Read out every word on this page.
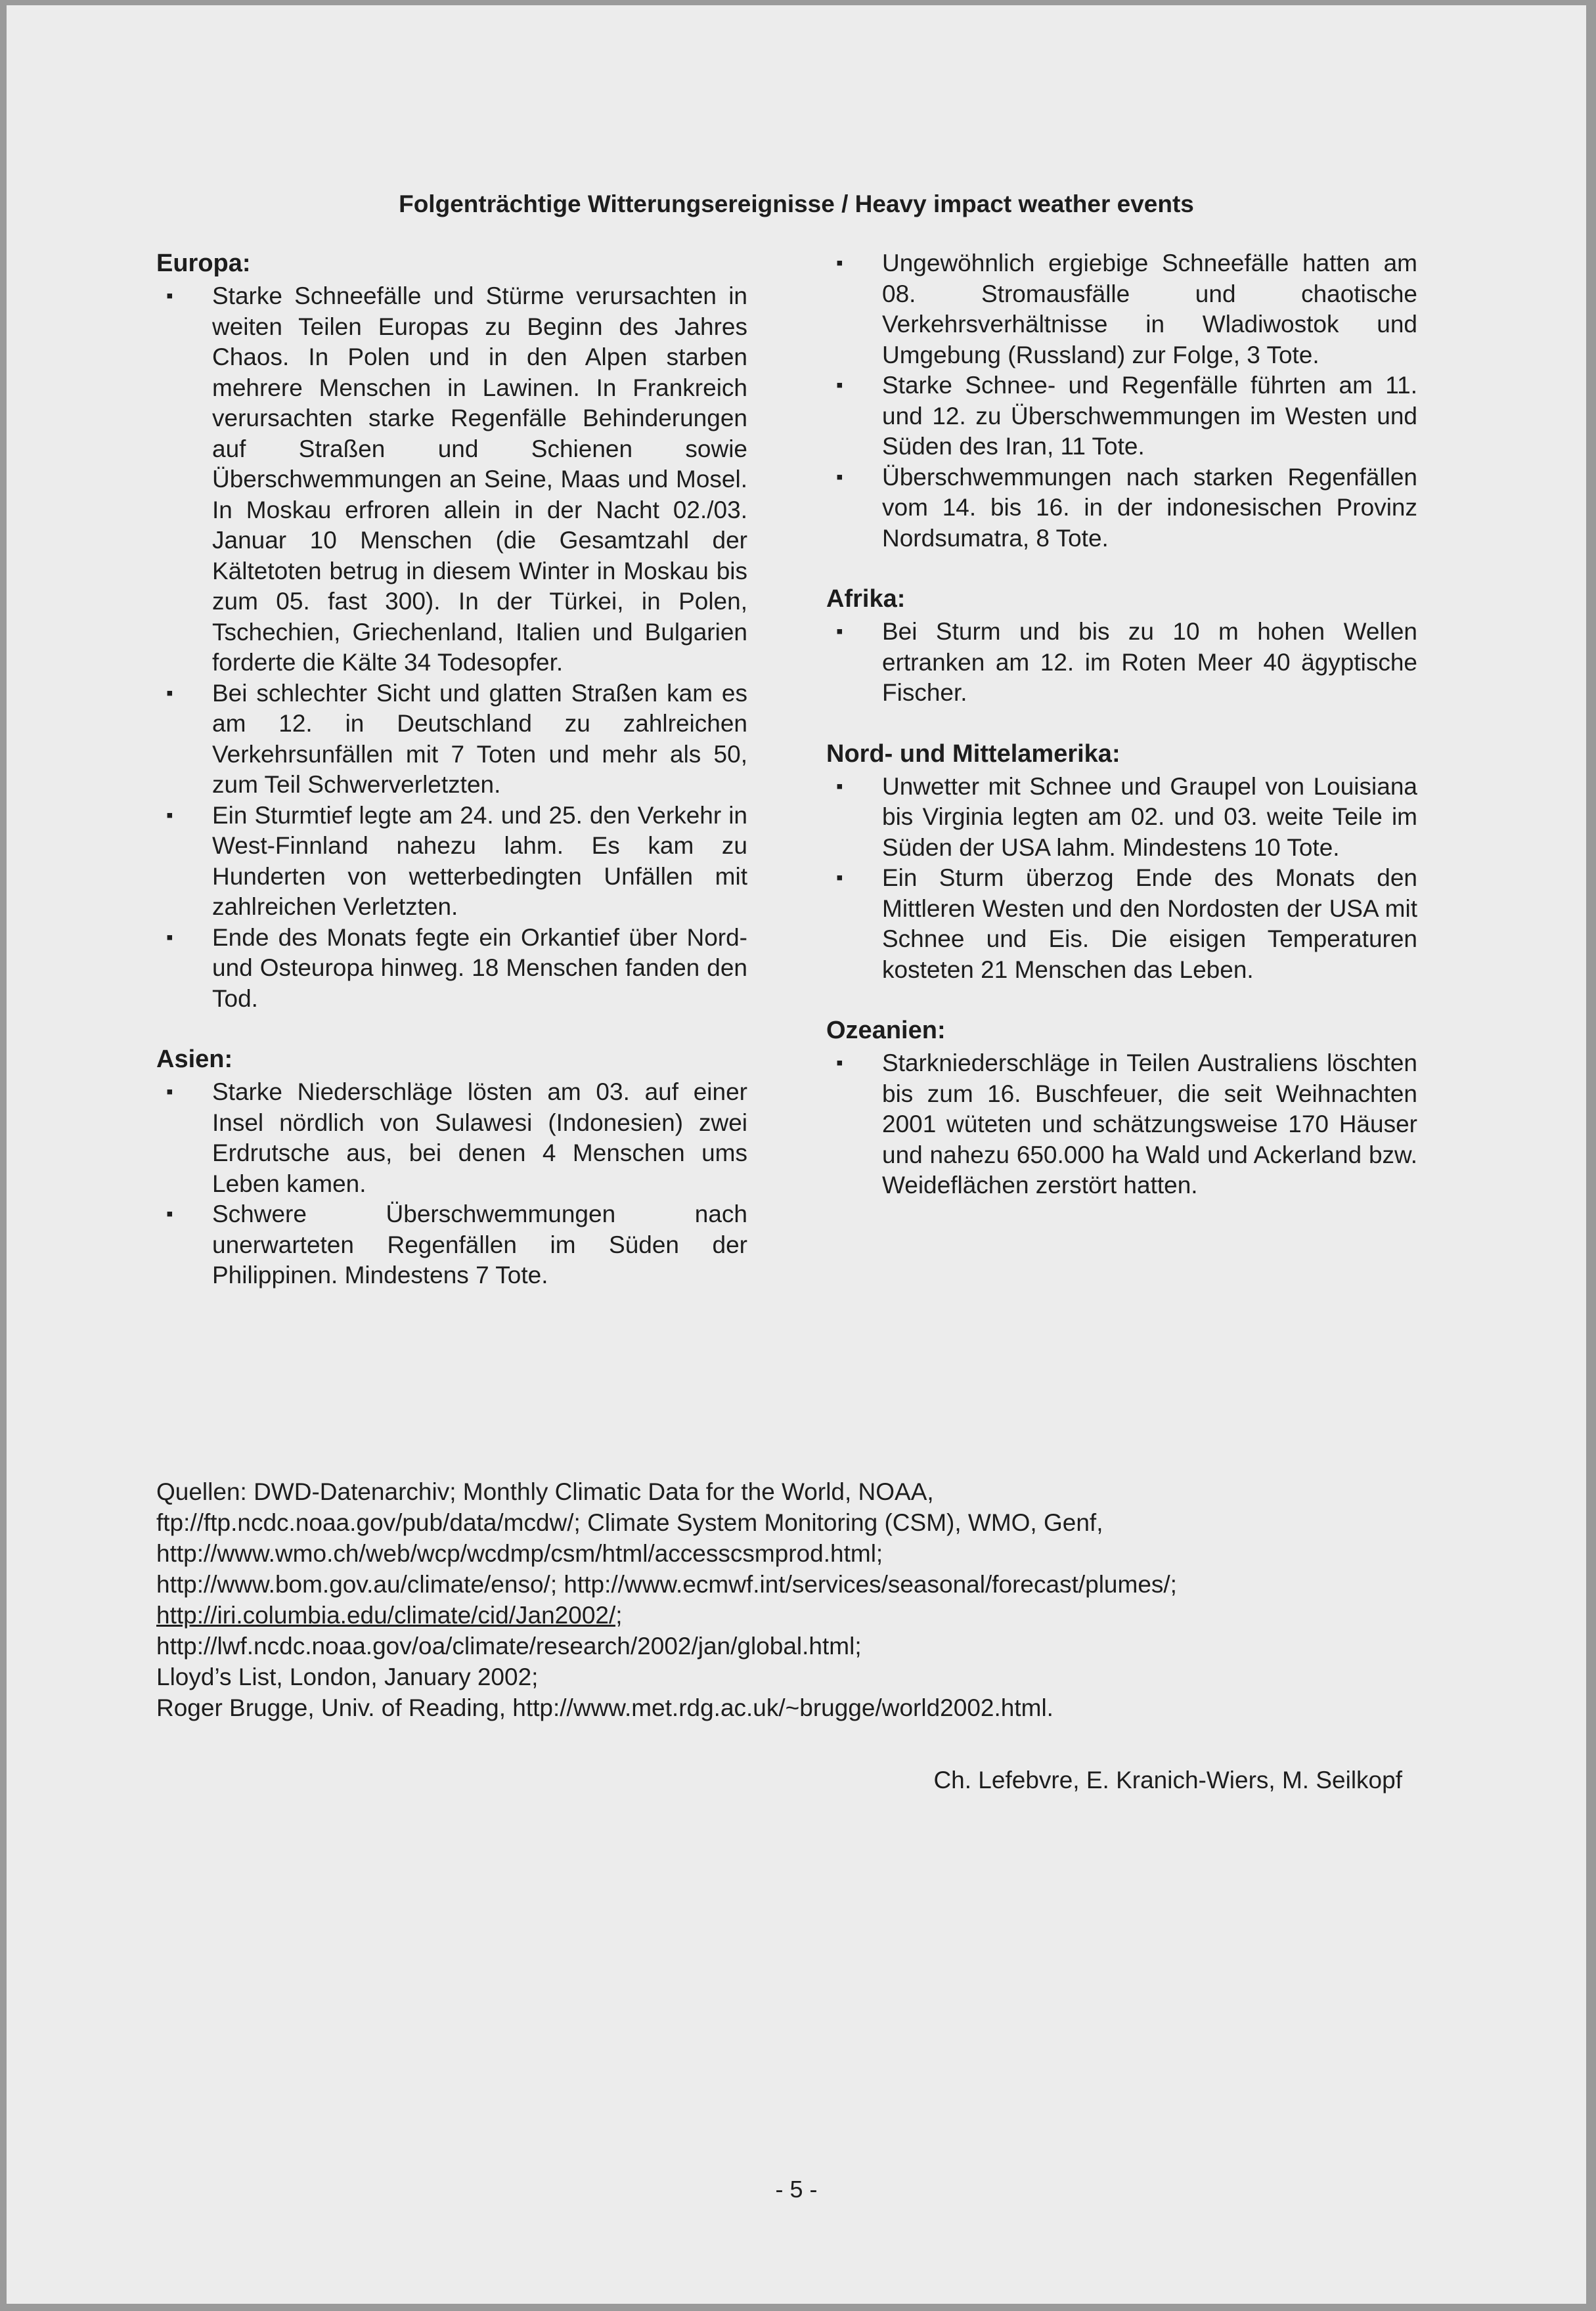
Folgenträchtige Witterungsereignisse / Heavy impact weather events
Europa:
▪ Starke Schneefälle und Stürme verursachten in weiten Teilen Europas zu Beginn des Jahres Chaos. In Polen und in den Alpen starben mehrere Menschen in Lawinen. In Frankreich verursachten starke Regenfälle Behinderungen auf Straßen und Schienen sowie Überschwemmungen an Seine, Maas und Mosel. In Moskau erfroren allein in der Nacht 02./03. Januar 10 Menschen (die Gesamtzahl der Kältetoten betrug in diesem Winter in Moskau bis zum 05. fast 300). In der Türkei, in Polen, Tschechien, Griechenland, Italien und Bulgarien forderte die Kälte 34 Todesopfer.
▪ Bei schlechter Sicht und glatten Straßen kam es am 12. in Deutschland zu zahlreichen Verkehrsunfällen mit 7 Toten und mehr als 50, zum Teil Schwerverletzten.
▪ Ein Sturmtief legte am 24. und 25. den Verkehr in West-Finnland nahezu lahm. Es kam zu Hunderten von wetterbedingten Unfällen mit zahlreichen Verletzten.
▪ Ende des Monats fegte ein Orkantief über Nord- und Osteuropa hinweg. 18 Menschen fanden den Tod.
Asien:
▪ Starke Niederschläge lösten am 03. auf einer Insel nördlich von Sulawesi (Indonesien) zwei Erdrutsche aus, bei denen 4 Menschen ums Leben kamen.
▪ Schwere Überschwemmungen nach unerwarteten Regenfällen im Süden der Philippinen. Mindestens 7 Tote.
▪ Ungewöhnlich ergiebige Schneefälle hatten am 08. Stromausfälle und chaotische Verkehrsverhältnisse in Wladiwostok und Umgebung (Russland) zur Folge, 3 Tote.
▪ Starke Schnee- und Regenfälle führten am 11. und 12. zu Überschwemmungen im Westen und Süden des Iran, 11 Tote.
▪ Überschwemmungen nach starken Regenfällen vom 14. bis 16. in der indonesischen Provinz Nordsumatra, 8 Tote.
Afrika:
▪ Bei Sturm und bis zu 10 m hohen Wellen ertranken am 12. im Roten Meer 40 ägyptische Fischer.
Nord- und Mittelamerika:
▪ Unwetter mit Schnee und Graupel von Louisiana bis Virginia legten am 02. und 03. weite Teile im Süden der USA lahm. Mindestens 10 Tote.
▪ Ein Sturm überzog Ende des Monats den Mittleren Westen und den Nordosten der USA mit Schnee und Eis. Die eisigen Temperaturen kosteten 21 Menschen das Leben.
Ozeanien:
▪ Starkniederschläge in Teilen Australiens löschten bis zum 16. Buschfeuer, die seit Weihnachten 2001 wüteten und schätzungsweise 170 Häuser und nahezu 650.000 ha Wald und Ackerland bzw. Weideflächen zerstört hatten.

Quellen: DWD-Datenarchiv; Monthly Climatic Data for the World, NOAA,

ftp://ftp.ncdc.noaa.gov/pub/data/mcdw/; Climate System Monitoring (CSM), WMO, Genf,

http://www.wmo.ch/web/wcp/wcdmp/csm/html/accesscsmprod.html;

http://www.bom.gov.au/climate/enso/; http://www.ecmwf.int/services/seasonal/forecast/plumes/;

http://iri.columbia.edu/climate/cid/Jan2002/;

http://lwf.ncdc.noaa.gov/oa/climate/research/2002/jan/global.html;

Lloyd’s List, London, January 2002;

Roger Brugge, Univ. of Reading, http://www.met.rdg.ac.uk/~brugge/world2002.html.

Ch. Lefebvre, E. Kranich-Wiers, M. Seilkopf

- 5 -
